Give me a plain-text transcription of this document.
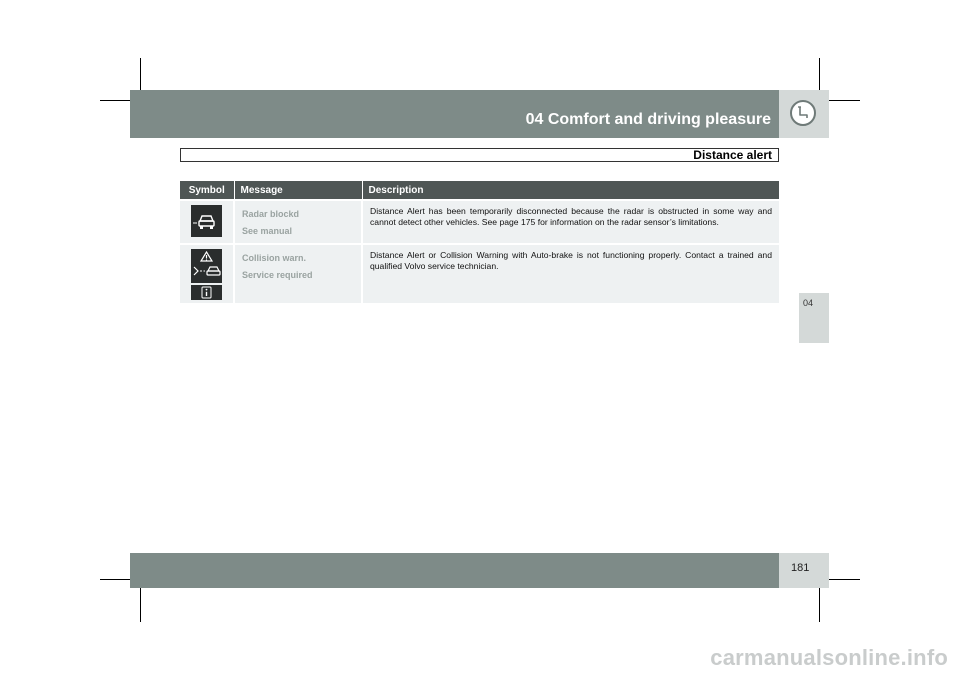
04 Comfort and driving pleasure
Distance alert
04
Symbol	Message	Description

Radar blockd
See manual	Distance Alert has been temporarily disconnected because the radar is obstructed in some way and cannot detect other vehicles. See page 175 for information on the radar sensor’s limitations.

Collision warn.
Service required	Distance Alert or Collision Warning with Auto-brake is not functioning properly. Contact a trained and qualified Volvo service technician.
181
carmanualsonline.info
